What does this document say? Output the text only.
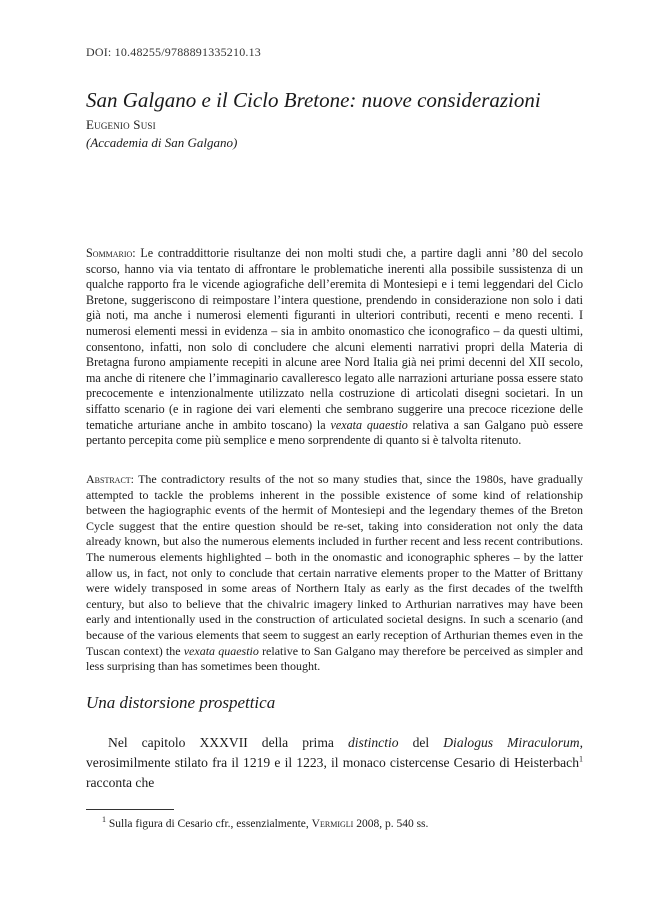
DOI: 10.48255/9788891335210.13
San Galgano e il Ciclo Bretone: nuove considerazioni
Eugenio Susi
(Accademia di San Galgano)

Sommario: Le contraddittorie risultanze dei non molti studi che, a partire dagli anni ’80 del secolo scorso, hanno via via tentato di affrontare le problematiche inerenti alla possibile sussistenza di un qualche rapporto fra le vicende agiografiche dell’eremita di Montesiepi e i temi leggendari del Ciclo Bretone, suggeriscono di reimpostare l’intera questione, prendendo in considerazione non solo i dati già noti, ma anche i numerosi elementi figuranti in ulteriori contributi, recenti e meno recenti. I numerosi elementi messi in evidenza – sia in ambito onomastico che iconografico – da questi ultimi, consentono, infatti, non solo di concludere che alcuni elementi narrativi propri della Materia di Bretagna furono ampiamente recepiti in alcune aree Nord Italia già nei primi decenni del XII secolo, ma anche di ritenere che l’immaginario cavalleresco legato alle narrazioni arturiane possa essere stato precocemente e intenzionalmente utilizzato nella costruzione di articolati disegni societari. In un siffatto scenario (e in ragione dei vari elementi che sembrano suggerire una precoce ricezione delle tematiche arturiane anche in ambito toscano) la vexata quaestio relativa a san Galgano può essere pertanto percepita come più semplice e meno sorprendente di quanto si è talvolta ritenuto.

Abstract: The contradictory results of the not so many studies that, since the 1980s, have gradually attempted to tackle the problems inherent in the possible existence of some kind of relationship between the hagiographic events of the hermit of Montesiepi and the legendary themes of the Breton Cycle suggest that the entire question should be re-set, taking into consideration not only the data already known, but also the numerous elements included in further recent and less recent contributions. The numerous elements highlighted – both in the onomastic and iconographic spheres – by the latter allow us, in fact, not only to conclude that certain narrative elements proper to the Matter of Brittany were widely transposed in some areas of Northern Italy as early as the first decades of the twelfth century, but also to believe that the chivalric imagery linked to Arthurian narratives may have been early and intentionally used in the construction of articulated societal designs. In such a scenario (and because of the various elements that seem to suggest an early reception of Arthurian themes even in the Tuscan context) the vexata quaestio relative to San Galgano may therefore be perceived as simpler and less surprising than has sometimes been thought.

Una distorsione prospettica

Nel capitolo XXXVII della prima distinctio del Dialogus Miraculorum, verosimilmente stilato fra il 1219 e il 1223, il monaco cistercense Cesario di Heisterbach$^1$ racconta che

$^1$ Sulla figura di Cesario cfr., essenzialmente, Vermigli 2008, p. 540 ss.
